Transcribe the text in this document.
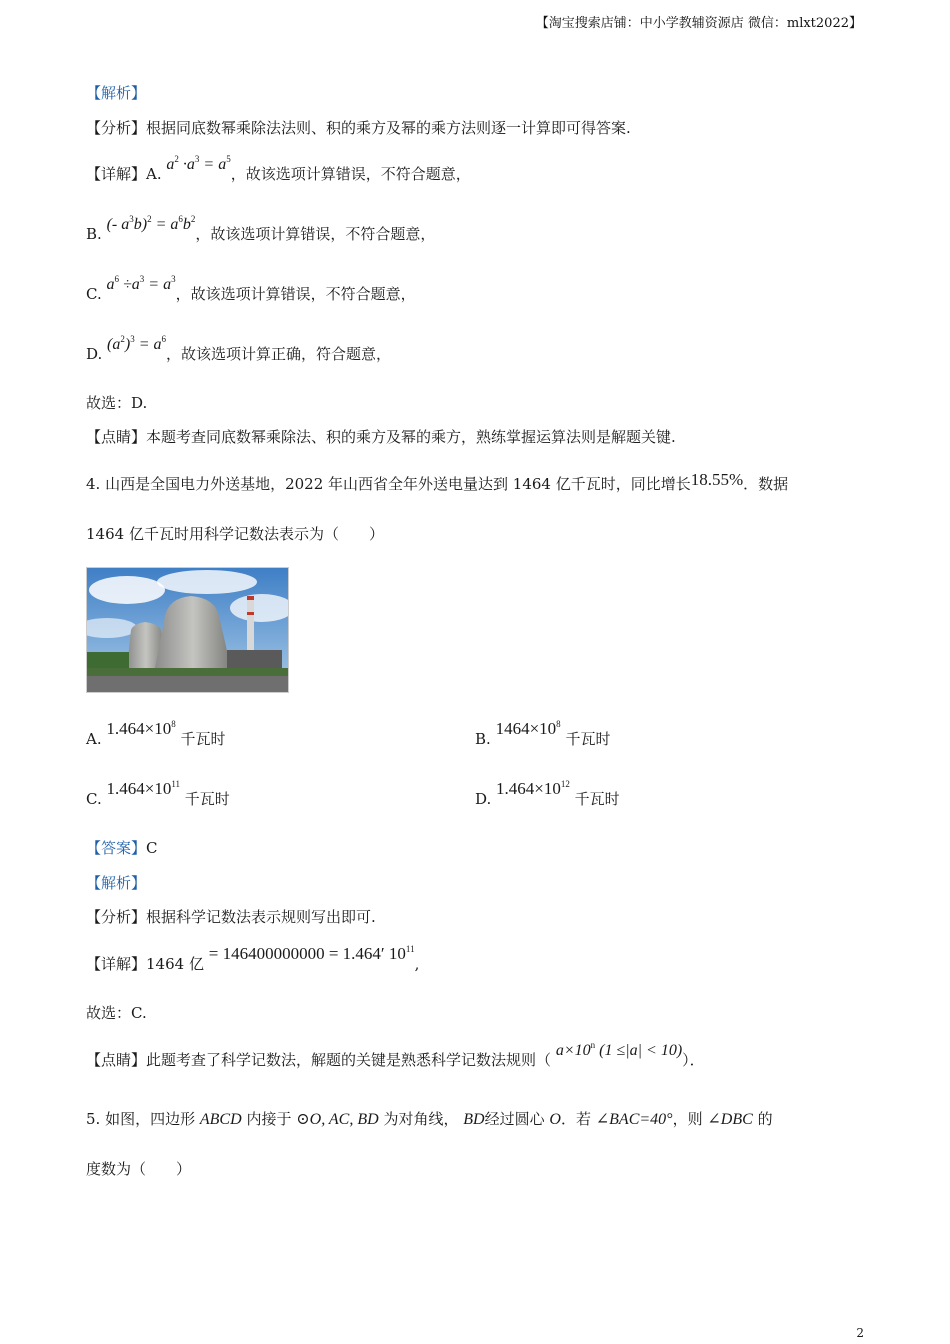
【淘宝搜索店铺：中小学教辅资源店 微信：mlxt2022】
【解析】
【分析】根据同底数幂乘除法法则、积的乘方及幂的乘方法则逐一计算即可得答案.
【详解】A. $a^2 \cdot a^3 = a^5$，故该选项计算错误，不符合题意，
B. (- $a^3b)^2 = a^6b^2$，故该选项计算错误，不符合题意，
C. $a^6 \div a^3 = a^3$，故该选项计算错误，不符合题意，
D. $(a^2)^3 = a^6$，故该选项计算正确，符合题意，
故选：D.
【点睛】本题考查同底数幂乘除法、积的乘方及幂的乘方，熟练掌握运算法则是解题关键.
4. 山西是全国电力外送基地，2022 年山西省全年外送电量达到 1464 亿千瓦时，同比增长18.55%．数据
1464 亿千瓦时用科学记数法表示为（　　）
A. $1.464\times 10^8$ 千瓦时	B. $1464\times 10^8$ 千瓦时
C. $1.464\times 10^{11}$ 千瓦时	D. $1.464\times 10^{12}$ 千瓦时
【答案】C
【解析】
【分析】根据科学记数法表示规则写出即可.
【详解】1464 亿 = 146400000000 = 1.464′ $10^{11}$,
故选：C.
【点睛】此题考查了科学记数法，解题的关键是熟悉科学记数法规则（ $a\times 10^n$ (1 ≤|a| < 10)）．
5. 如图，四边形 ABCD 内接于 ⊙O, AC, BD 为对角线， BD经过圆心 O．若 ∠BAC=40°，则 ∠DBC 的
度数为（　　）
2
